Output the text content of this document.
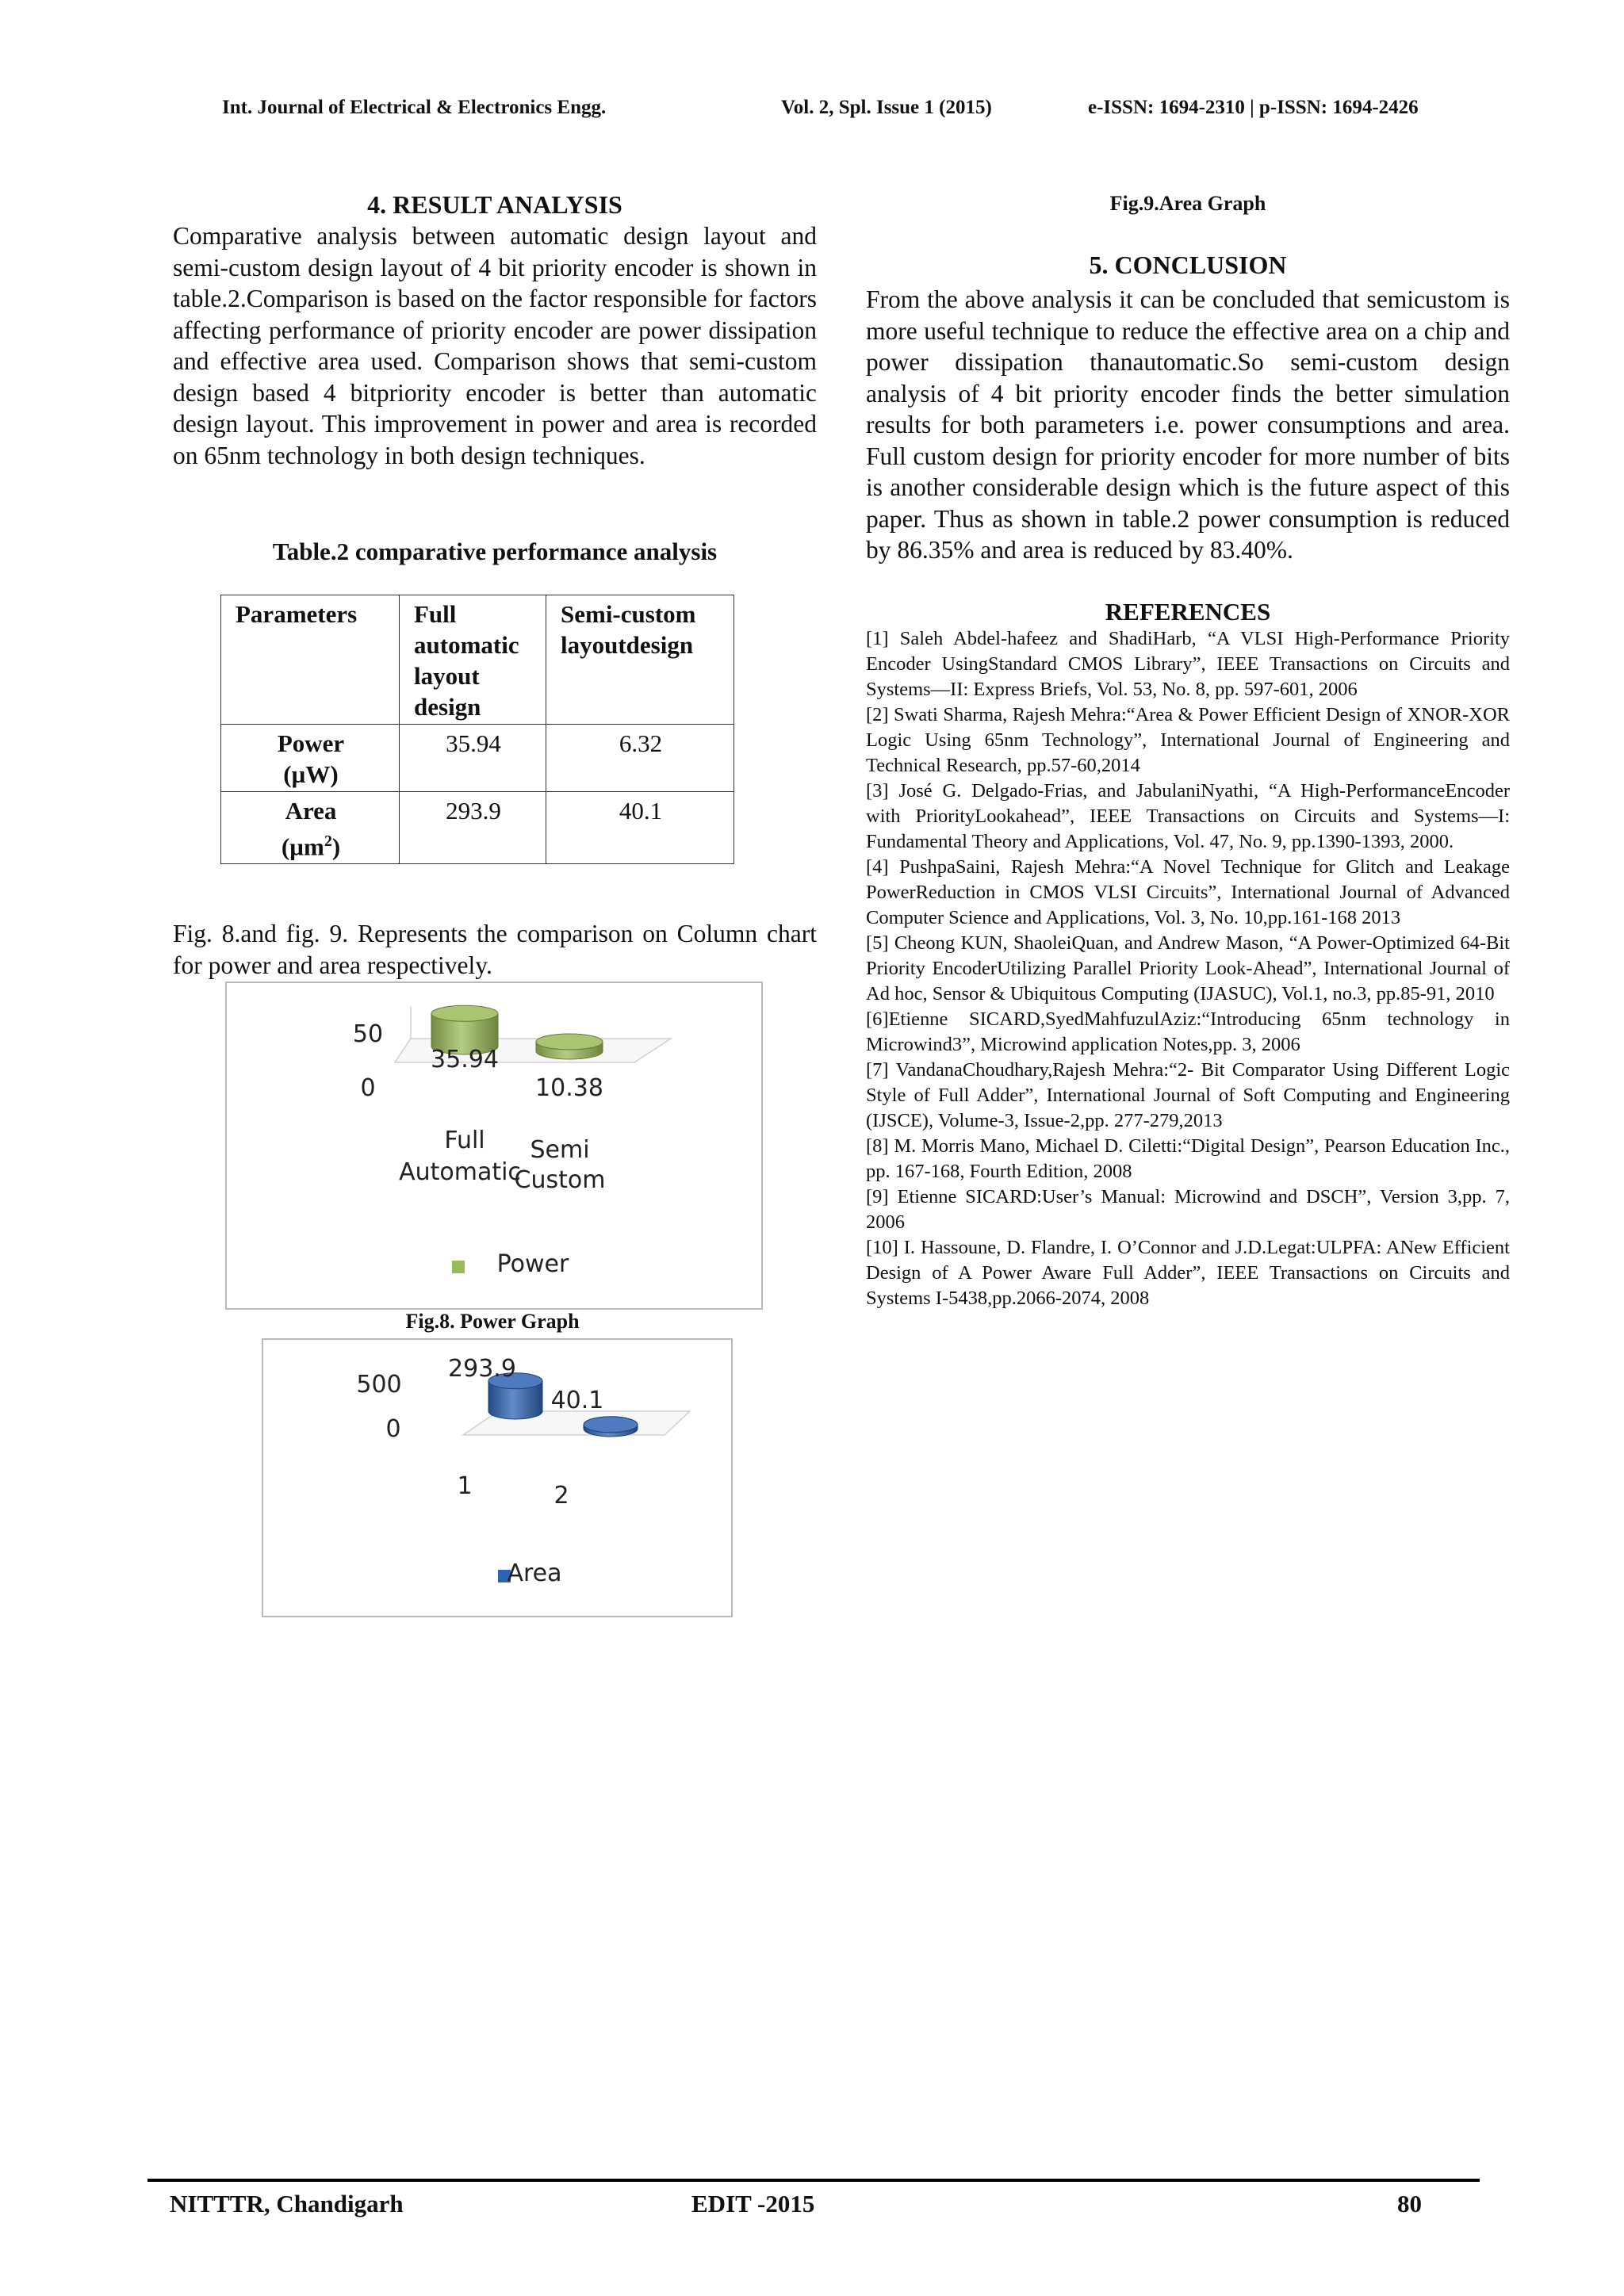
Int. Journal of Electrical & Electronics Engg.	Vol. 2, Spl. Issue 1 (2015)	e-ISSN: 1694-2310 | p-ISSN: 1694-2426
4. RESULT ANALYSIS

Comparative analysis between automatic design layout and semi-custom design layout of 4 bit priority encoder is shown in table.2.Comparison is based on the factor responsible for factors affecting performance of priority encoder are power dissipation and effective area used. Comparison shows that semi-custom design based 4 bitpriority encoder is better than automatic design layout. This improvement in power and area is recorded on 65nm technology in both design techniques.

Table.2 comparative performance analysis

Parameters	Full automatic layout design	Semi-custom layoutdesign

Power
(µW)	35.94	6.32

Area
(µm$^2$)	293.9	40.1

Fig. 8.and fig. 9. Represents the comparison on Column chart for power and area respectively.

0
50
35.94
10.38
Full
Automatic
Semi
Custom
Power
Fig.8. Power Graph
0
500
293.9
40.1
1	2
Area
Fig.9.Area Graph
5. CONCLUSION

From the above analysis it can be concluded that semicustom is more useful technique to reduce the effective area on a chip and power dissipation thanautomatic.So semi-custom design analysis of 4 bit priority encoder finds the better simulation results for both parameters i.e. power consumptions and area. Full custom design for priority encoder for more number of bits is another considerable design which is the future aspect of this paper. Thus as shown in table.2 power consumption is reduced by 86.35% and area is reduced by 83.40%.

REFERENCES

[1] Saleh Abdel-hafeez and ShadiHarb, “A VLSI High-Performance Priority Encoder UsingStandard CMOS Library”, IEEE Transactions on Circuits and Systems—II: Express Briefs, Vol. 53, No. 8, pp. 597-601, 2006

[2] Swati Sharma, Rajesh Mehra:“Area & Power Efficient Design of XNOR-XOR Logic Using 65nm Technology”, International Journal of Engineering and Technical Research, pp.57-60,2014

[3] José G. Delgado-Frias, and JabulaniNyathi, “A High-PerformanceEncoder with PriorityLookahead”, IEEE Transactions on Circuits and Systems—I: Fundamental Theory and Applications, Vol. 47, No. 9, pp.1390-1393, 2000.

[4] PushpaSaini, Rajesh Mehra:“A Novel Technique for Glitch and Leakage PowerReduction in CMOS VLSI Circuits”, International Journal of Advanced Computer Science and Applications, Vol. 3, No. 10,pp.161-168 2013

[5] Cheong KUN, ShaoleiQuan, and Andrew Mason, “A Power-Optimized 64-Bit Priority EncoderUtilizing Parallel Priority Look-Ahead”, International Journal of Ad hoc, Sensor & Ubiquitous Computing (IJASUC), Vol.1, no.3, pp.85-91, 2010

[6]Etienne SICARD,SyedMahfuzulAziz:“Introducing 65nm technology in Microwind3”, Microwind application Notes,pp. 3, 2006

[7] VandanaChoudhary,Rajesh Mehra:“2- Bit Comparator Using Different Logic Style of Full Adder”, International Journal of Soft Computing and Engineering (IJSCE), Volume-3, Issue-2,pp. 277-279,2013

[8] M. Morris Mano, Michael D. Ciletti:“Digital Design”, Pearson Education Inc., pp. 167-168, Fourth Edition, 2008

[9] Etienne SICARD:User’s Manual: Microwind and DSCH”, Version 3,pp. 7, 2006

[10] I. Hassoune, D. Flandre, I. O’Connor and J.D.Legat:ULPFA: ANew Efficient Design of A Power Aware Full Adder”, IEEE Transactions on Circuits and Systems I-5438,pp.2066-2074, 2008

NITTTR, Chandigarh	EDIT -2015	80
